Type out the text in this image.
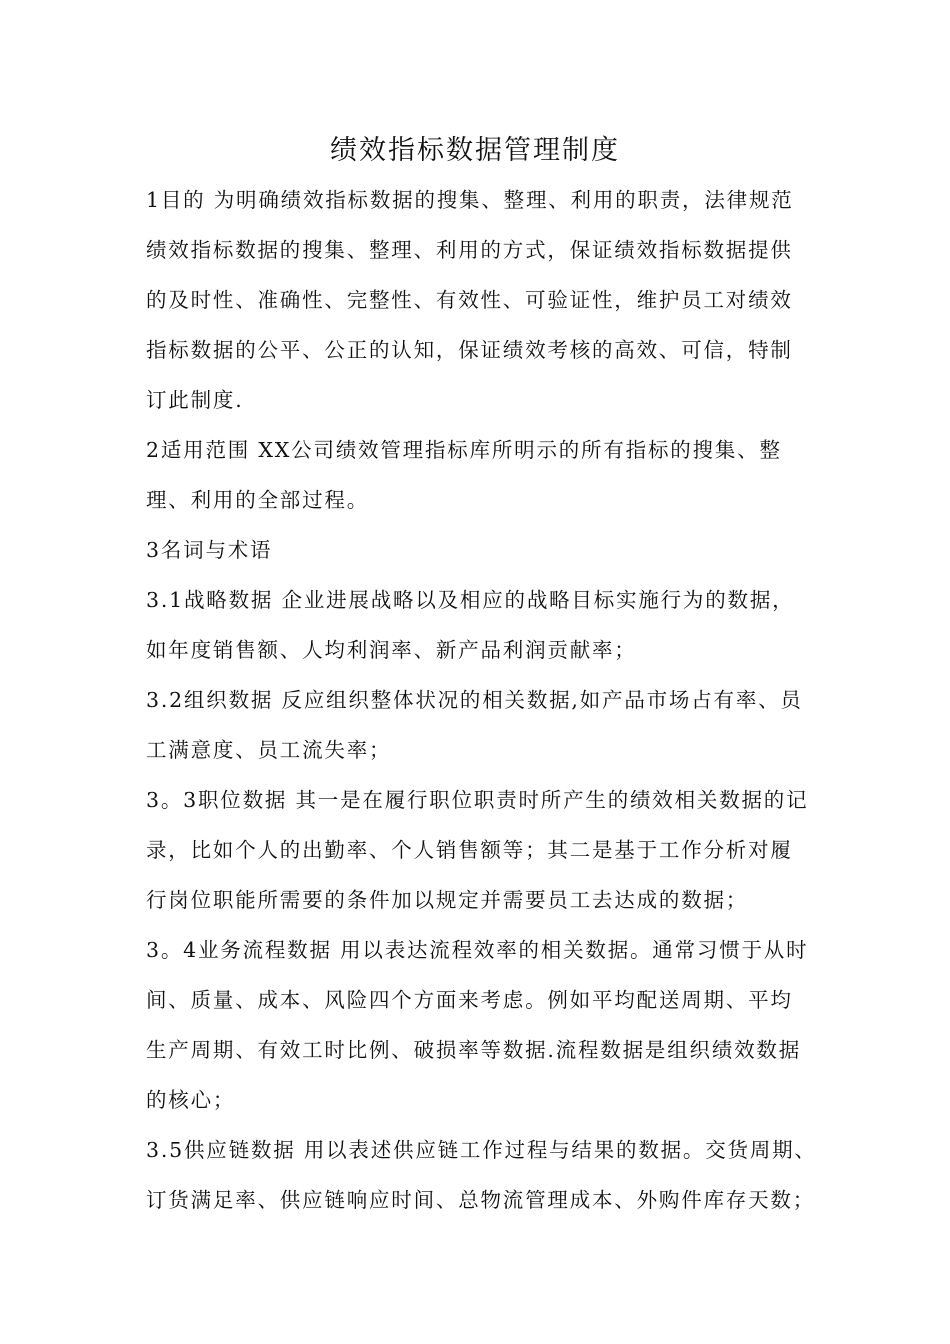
绩效指标数据管理制度
1目的 为明确绩效指标数据的搜集、整理、利用的职责，法律规范
绩效指标数据的搜集、整理、利用的方式，保证绩效指标数据提供
的及时性、准确性、完整性、有效性、可验证性，维护员工对绩效
指标数据的公平、公正的认知，保证绩效考核的高效、可信，特制
订此制度.
2适用范围 XX公司绩效管理指标库所明示的所有指标的搜集、整
理、利用的全部过程。
3名词与术语
3.1战略数据 企业进展战略以及相应的战略目标实施行为的数据，
如年度销售额、人均利润率、新产品利润贡献率；
3.2组织数据 反应组织整体状况的相关数据,如产品市场占有率、员
工满意度、员工流失率；
3。3职位数据 其一是在履行职位职责时所产生的绩效相关数据的记
录，比如个人的出勤率、个人销售额等；其二是基于工作分析对履
行岗位职能所需要的条件加以规定并需要员工去达成的数据；
3。4业务流程数据 用以表达流程效率的相关数据。通常习惯于从时
间、质量、成本、风险四个方面来考虑。例如平均配送周期、平均
生产周期、有效工时比例、破损率等数据.流程数据是组织绩效数据
的核心；
3.5供应链数据 用以表述供应链工作过程与结果的数据。交货周期、
订货满足率、供应链响应时间、总物流管理成本、外购件库存天数；
